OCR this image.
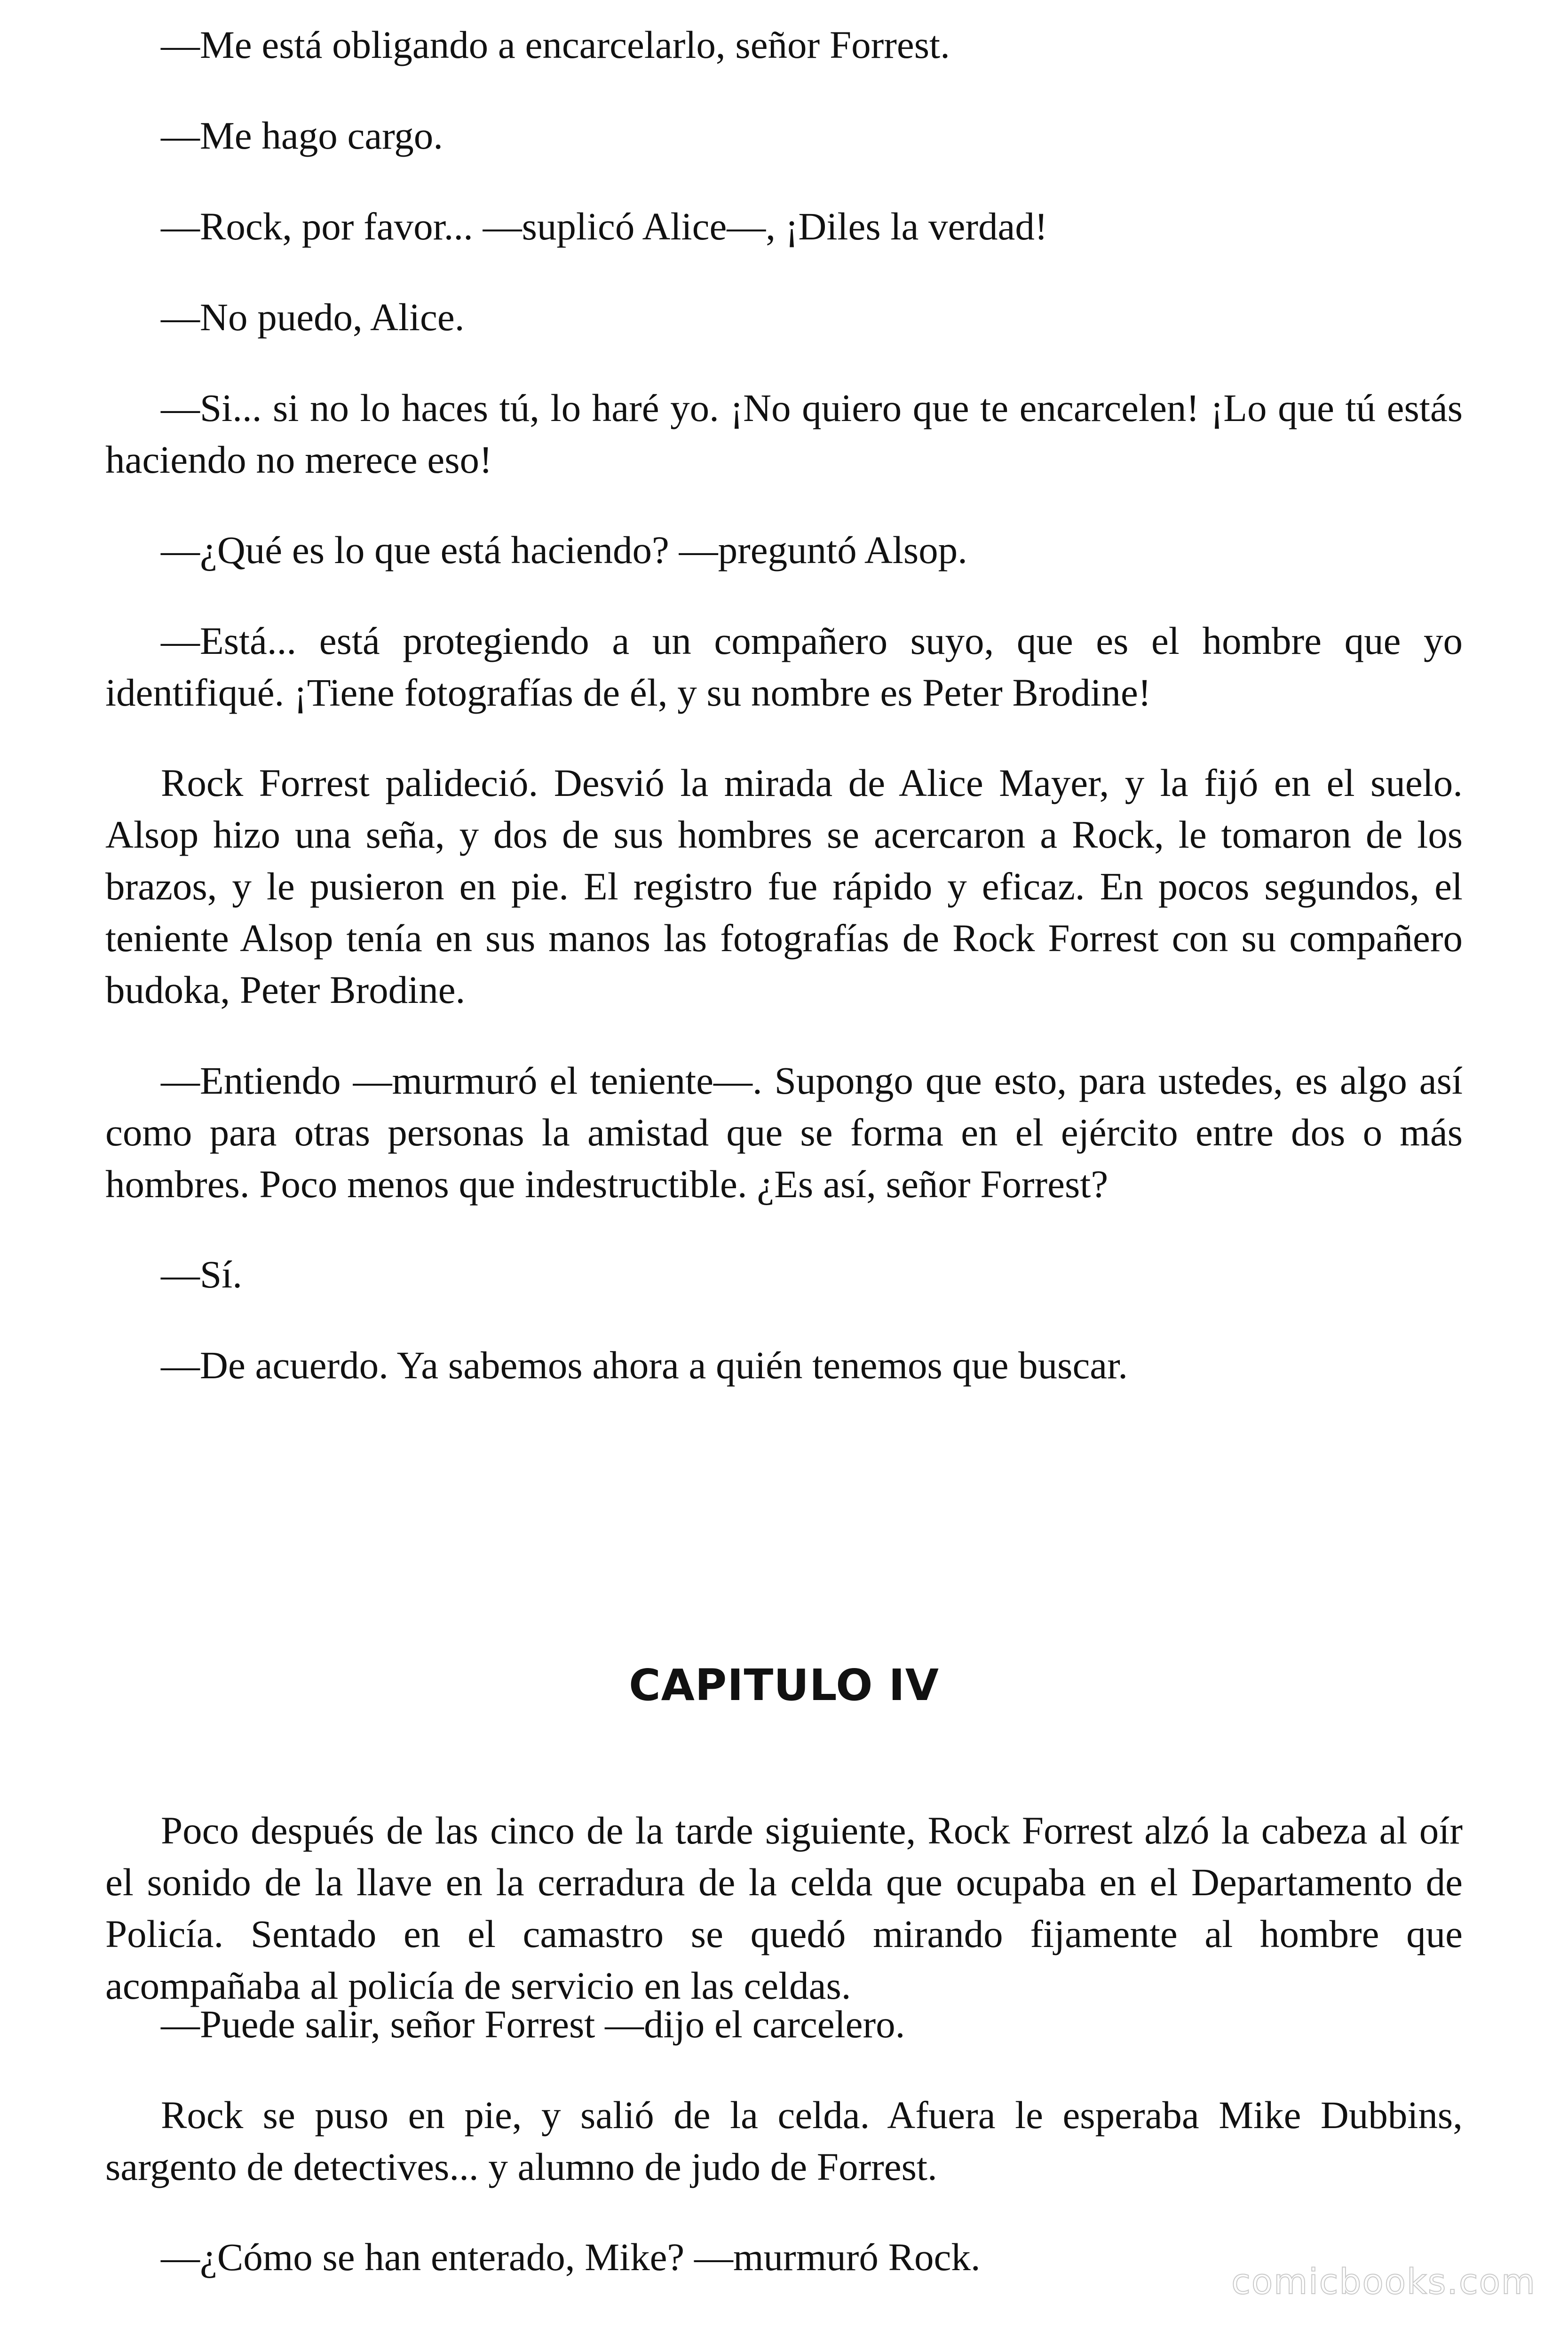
—Me está obligando a encarcelarlo, señor Forrest.

—Me hago cargo.

—Rock, por favor... —suplicó Alice—, ¡Diles la verdad!

—No puedo, Alice.

—Si... si no lo haces tú, lo haré yo. ¡No quiero que te encarcelen! ¡Lo que tú estás haciendo no merece eso!

—¿Qué es lo que está haciendo? —preguntó Alsop.

—Está... está protegiendo a un compañero suyo, que es el hombre que yo identifiqué. ¡Tiene fotografías de él, y su nombre es Peter Brodine!

Rock Forrest palideció. Desvió la mirada de Alice Mayer, y la fijó en el suelo. Alsop hizo una seña, y dos de sus hombres se acercaron a Rock, le tomaron de los brazos, y le pusieron en pie. El registro fue rápido y eficaz. En pocos segundos, el teniente Alsop tenía en sus manos las fotografías de Rock Forrest con su compañero budoka, Peter Brodine.

—Entiendo —murmuró el teniente—. Supongo que esto, para ustedes, es algo así como para otras personas la amistad que se forma en el ejército entre dos o más hombres. Poco menos que indestructible. ¿Es así, señor Forrest?

—Sí.

—De acuerdo. Ya sabemos ahora a quién tenemos que buscar.

CAPITULO IV

Poco después de las cinco de la tarde siguiente, Rock Forrest alzó la cabeza al oír el sonido de la llave en la cerradura de la celda que ocupaba en el Departamento de Policía. Sentado en el camastro se quedó mirando fijamente al hombre que acompañaba al policía de servicio en las celdas.

—Puede salir, señor Forrest —dijo el carcelero.

Rock se puso en pie, y salió de la celda. Afuera le esperaba Mike Dubbins, sargento de detectives... y alumno de judo de Forrest.

—¿Cómo se han enterado, Mike? —murmuró Rock.

comicbooks.com
